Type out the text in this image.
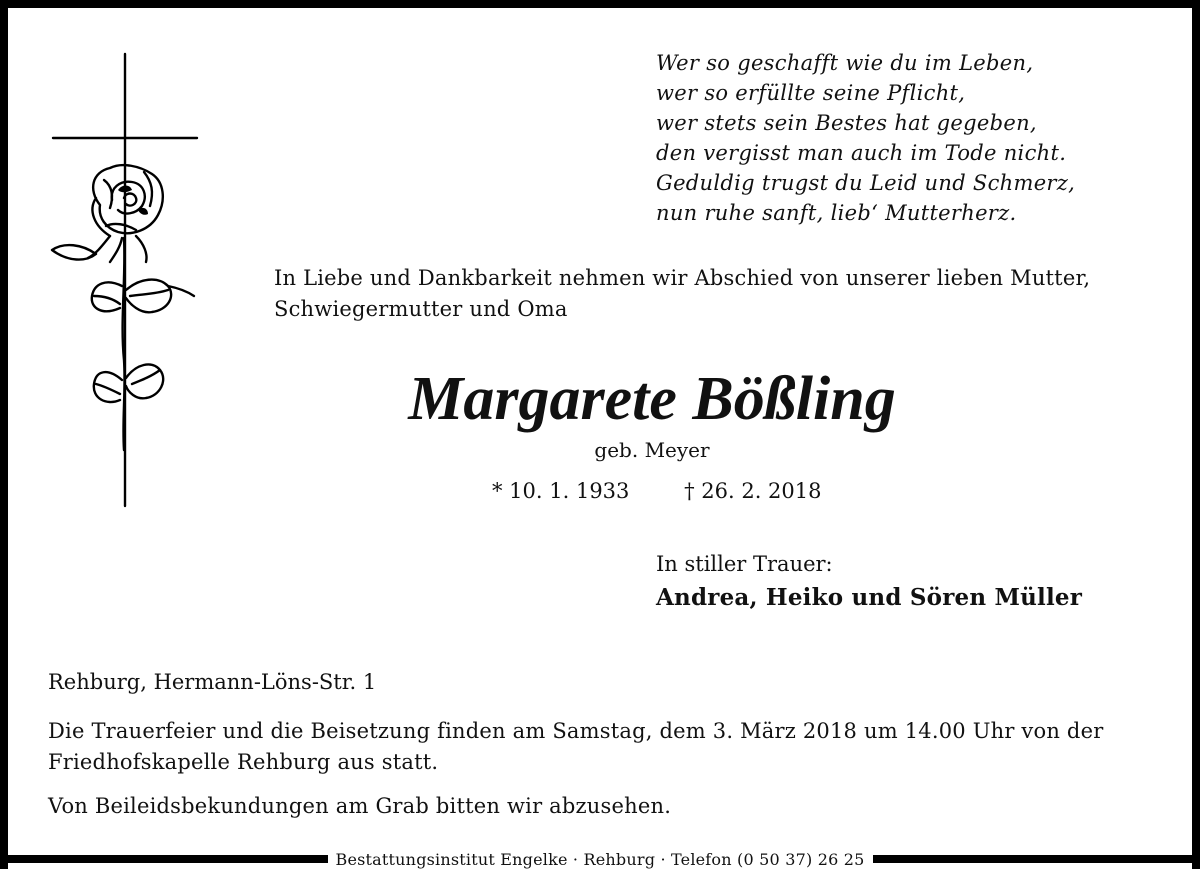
Wer so geschafft wie du im Leben,
wer so erfüllte seine Pflicht,
wer stets sein Bestes hat gegeben,
den vergisst man auch im Tode nicht.
Geduldig trugst du Leid und Schmerz,
nun ruhe sanft, lieb‘ Mutterherz.
In Liebe und Dankbarkeit nehmen wir Abschied von unserer lieben Mutter, Schwiegermutter und Oma
Margarete Bößling
geb. Meyer
* 10. 1. 1933	† 26. 2. 2018
In stiller Trauer:
Andrea, Heiko und Sören Müller
Rehburg, Hermann-Löns-Str. 1
Die Trauerfeier und die Beisetzung finden am Samstag, dem 3. März 2018 um 14.00 Uhr von der Friedhofskapelle Rehburg aus statt.
Von Beileidsbekundungen am Grab bitten wir abzusehen.
Bestattungsinstitut Engelke · Rehburg · Telefon (0 50 37) 26 25
